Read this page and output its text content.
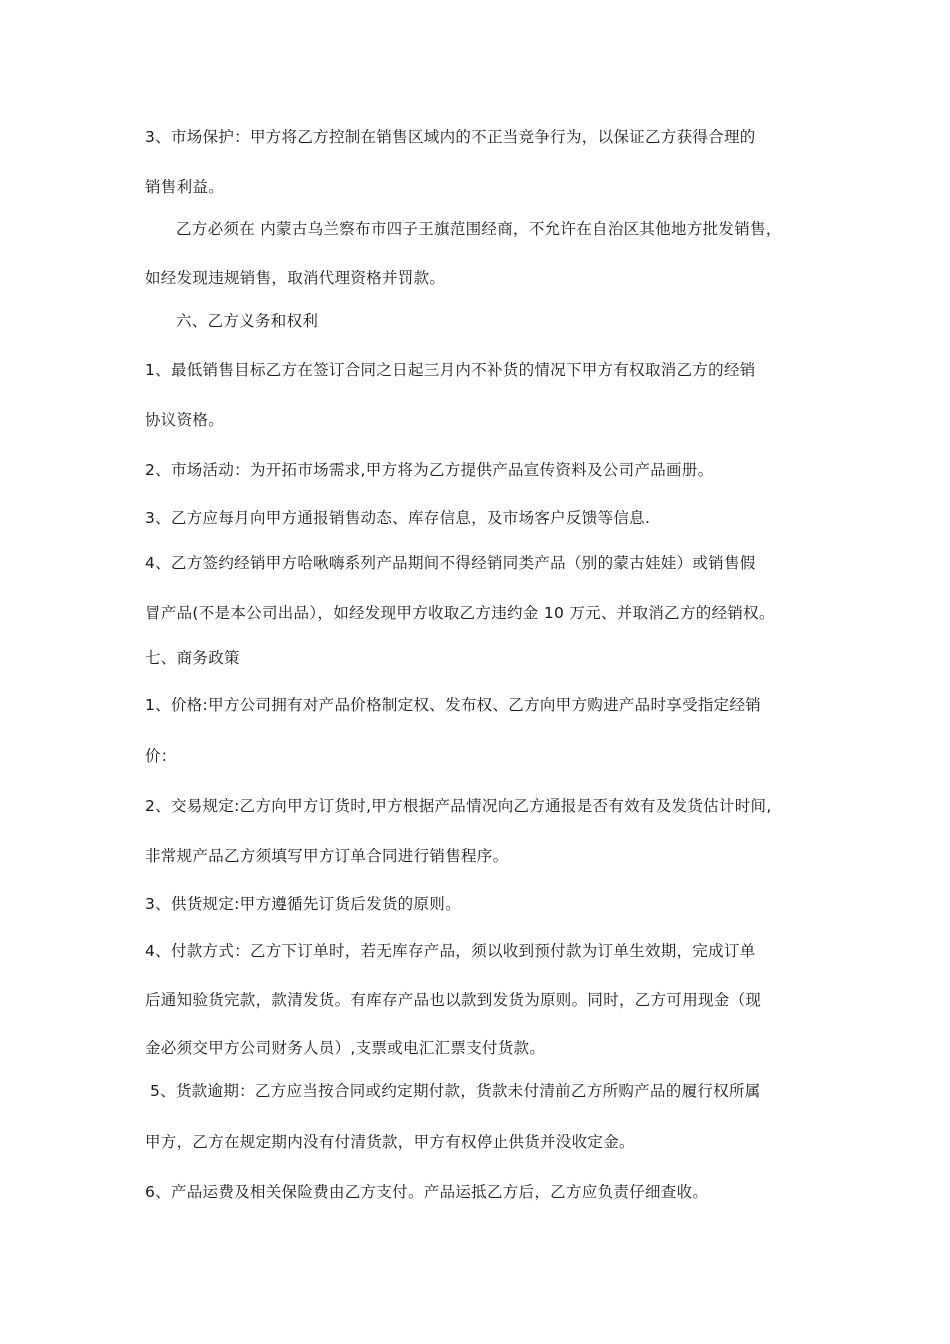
3、市场保护：甲方将乙方控制在销售区域内的不正当竞争行为，以保证乙方获得合理的
销售利益。
乙方必须在 内蒙古乌兰察布市四子王旗范围经商，不允许在自治区其他地方批发销售，
如经发现违规销售，取消代理资格并罚款。
六、乙方义务和权利
1、最低销售目标乙方在签订合同之日起三月内不补货的情况下甲方有权取消乙方的经销
协议资格。
2、市场活动：为开拓市场需求,甲方将为乙方提供产品宣传资料及公司产品画册。
3、乙方应每月向甲方通报销售动态、库存信息，及市场客户反馈等信息.
4、乙方签约经销甲方哈啾嗨系列产品期间不得经销同类产品（别的蒙古娃娃）或销售假
冒产品(不是本公司出品），如经发现甲方收取乙方违约金 10 万元、并取消乙方的经销权。
七、商务政策
1、价格:甲方公司拥有对产品价格制定权、发布权、乙方向甲方购进产品时享受指定经销
价：
2、交易规定:乙方向甲方订货时,甲方根据产品情况向乙方通报是否有效有及发货估计时间,
非常规产品乙方须填写甲方订单合同进行销售程序。
3、供货规定:甲方遵循先订货后发货的原则。
4、付款方式：乙方下订单时，若无库存产品，须以收到预付款为订单生效期，完成订单
后通知验货完款，款清发货。有库存产品也以款到发货为原则。同时，乙方可用现金（现
金必须交甲方公司财务人员）,支票或电汇汇票支付货款。
5、货款逾期：乙方应当按合同或约定期付款，货款未付清前乙方所购产品的履行权所属
甲方，乙方在规定期内没有付清货款，甲方有权停止供货并没收定金。
6、产品运费及相关保险费由乙方支付。产品运抵乙方后，乙方应负责仔细查收。
